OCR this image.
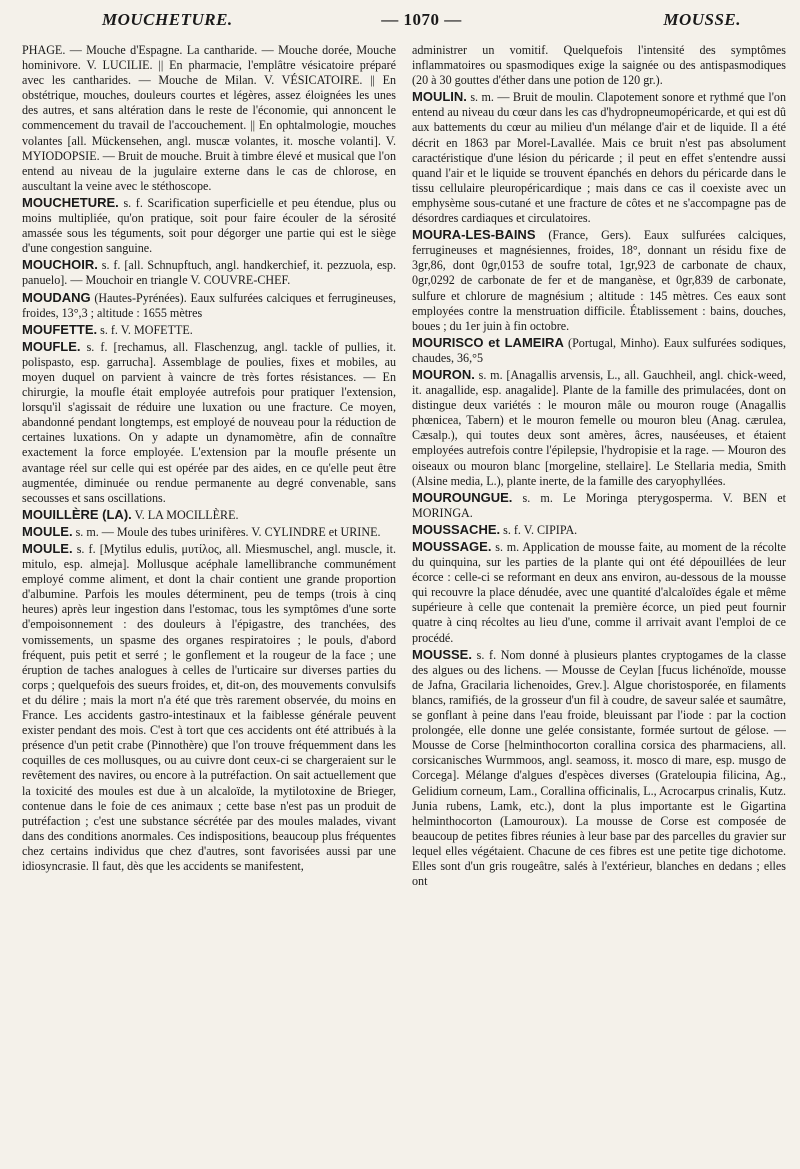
MOUCHETURE.	— 1070 —	MOUSSE.

PHAGE. — Mouche d'Espagne. La cantharide. — Mouche dorée, Mouche hominivore. V. LUCILIE. || En pharmacie, l'emplâtre vésicatoire préparé avec les cantharides. — Mouche de Milan. V. VÉSICATOIRE. || En obstétrique, mouches, douleurs courtes et légères, assez éloignées les unes des autres, et sans altération dans le reste de l'économie, qui annoncent le commencement du travail de l'accouchement. || En ophtalmologie, mouches volantes [all. Mückensehen, angl. muscæ volantes, it. mosche volanti]. V. MYIODOPSIE. — Bruit de mouche. Bruit à timbre élevé et musical que l'on entend au niveau de la jugulaire externe dans le cas de chlorose, en auscultant la veine avec le stéthoscope.

MOUCHETURE. s. f. Scarification superficielle et peu étendue, plus ou moins multipliée, qu'on pratique, soit pour faire écouler de la sérosité amassée sous les téguments, soit pour dégorger une partie qui est le siège d'une congestion sanguine.

MOUCHOIR. s. f. [all. Schnupftuch, angl. handkerchief, it. pezzuola, esp. panuelo]. — Mouchoir en triangle V. COUVRE-CHEF.

MOUDANG (Hautes-Pyrénées). Eaux sulfurées calciques et ferrugineuses, froides, 13°,3 ; altitude : 1655 mètres

MOUFETTE. s. f. V. MOFETTE.

MOUFLE. s. f. [rechamus, all. Flaschenzug, angl. tackle of pullies, it. polispasto, esp. garrucha]. Assemblage de poulies, fixes et mobiles, au moyen duquel on parvient à vaincre de très fortes résistances. — En chirurgie, la moufle était employée autrefois pour pratiquer l'extension, lorsqu'il s'agissait de réduire une luxation ou une fracture. Ce moyen, abandonné pendant longtemps, est employé de nouveau pour la réduction de certaines luxations. On y adapte un dynamomètre, afin de connaître exactement la force employée. L'extension par la moufle présente un avantage réel sur celle qui est opérée par des aides, en ce qu'elle peut être augmentée, diminuée ou rendue permanente au degré convenable, sans secousses et sans oscillations.

MOUILLÈRE (LA). V. LA MOCILLÈRE.

MOULE. s. m. — Moule des tubes urinifères. V. CYLINDRE et URINE.

MOULE. s. f. [Mytilus edulis, μυτίλος, all. Miesmuschel, angl. muscle, it. mitulo, esp. almeja]. Mollusque acéphale lamellibranche communément employé comme aliment, et dont la chair contient une grande proportion d'albumine. Parfois les moules déterminent, peu de temps (trois à cinq heures) après leur ingestion dans l'estomac, tous les symptômes d'une sorte d'empoisonnement : des douleurs à l'épigastre, des tranchées, des vomissements, un spasme des organes respiratoires ; le pouls, d'abord fréquent, puis petit et serré ; le gonflement et la rougeur de la face ; une éruption de taches analogues à celles de l'urticaire sur diverses parties du corps ; quelquefois des sueurs froides, et, dit-on, des mouvements convulsifs et du délire ; mais la mort n'a été que très rarement observée, du moins en France. Les accidents gastro-intestinaux et la faiblesse générale peuvent exister pendant des mois. C'est à tort que ces accidents ont été attribués à la présence d'un petit crabe (Pinnothère) que l'on trouve fréquemment dans les coquilles de ces mollusques, ou au cuivre dont ceux-ci se chargeraient sur le revêtement des navires, ou encore à la putréfaction. On sait actuellement que la toxicité des moules est due à un alcaloïde, la mytilotoxine de Brieger, contenue dans le foie de ces animaux ; cette base n'est pas un produit de putréfaction ; c'est une substance sécrétée par des moules malades, vivant dans des conditions anormales. Ces indispositions, beaucoup plus fréquentes chez certains individus que chez d'autres, sont favorisées aussi par une idiosyncrasie. Il faut, dès que les accidents se manifestent,

administrer un vomitif. Quelquefois l'intensité des symptômes inflammatoires ou spasmodiques exige la saignée ou des antispasmodiques (20 à 30 gouttes d'éther dans une potion de 120 gr.).

MOULIN. s. m. — Bruit de moulin. Clapotement sonore et rythmé que l'on entend au niveau du cœur dans les cas d'hydropneumopéricarde, et qui est dû aux battements du cœur au milieu d'un mélange d'air et de liquide. Il a été décrit en 1863 par Morel-Lavallée. Mais ce bruit n'est pas absolument caractéristique d'une lésion du péricarde ; il peut en effet s'entendre aussi quand l'air et le liquide se trouvent épanchés en dehors du péricarde dans le tissu cellulaire pleuropéricardique ; mais dans ce cas il coexiste avec un emphysème sous-cutané et une fracture de côtes et ne s'accompagne pas de désordres cardiaques et circulatoires.

MOURA-LES-BAINS (France, Gers). Eaux sulfurées calciques, ferrugineuses et magnésiennes, froides, 18°, donnant un résidu fixe de 3gr,86, dont 0gr,0153 de soufre total, 1gr,923 de carbonate de chaux, 0gr,0292 de carbonate de fer et de manganèse, et 0gr,839 de carbonate, sulfure et chlorure de magnésium ; altitude : 145 mètres. Ces eaux sont employées contre la menstruation difficile. Établissement : bains, douches, boues ; du 1er juin à fin octobre.

MOURISCO et LAMEIRA (Portugal, Minho). Eaux sulfurées sodiques, chaudes, 36,°5

MOURON. s. m. [Anagallis arvensis, L., all. Gauchheil, angl. chick-weed, it. anagallide, esp. anagalide]. Plante de la famille des primulacées, dont on distingue deux variétés : le mouron mâle ou mouron rouge (Anagallis phœnicea, Tabern) et le mouron femelle ou mouron bleu (Anag. cærulea, Cæsalp.), qui toutes deux sont amères, âcres, nauséeuses, et étaient employées autrefois contre l'épilepsie, l'hydropisie et la rage. — Mouron des oiseaux ou mouron blanc [morgeline, stellaire]. Le Stellaria media, Smith (Alsine media, L.), plante inerte, de la famille des caryophyllées.

MOUROUNGUE. s. m. Le Moringa pterygosperma. V. BEN et MORINGA.

MOUSSACHE. s. f. V. CIPIPA.

MOUSSAGE. s. m. Application de mousse faite, au moment de la récolte du quinquina, sur les parties de la plante qui ont été dépouillées de leur écorce : celle-ci se reformant en deux ans environ, au-dessous de la mousse qui recouvre la place dénudée, avec une quantité d'alcaloïdes égale et même supérieure à celle que contenait la première écorce, un pied peut fournir quatre à cinq récoltes au lieu d'une, comme il arrivait avant l'emploi de ce procédé.

MOUSSE. s. f. Nom donné à plusieurs plantes cryptogames de la classe des algues ou des lichens. — Mousse de Ceylan [fucus lichénoïde, mousse de Jafna, Gracilaria lichenoides, Grev.]. Algue choristosporée, en filaments blancs, ramifiés, de la grosseur d'un fil à coudre, de saveur salée et saumâtre, se gonflant à peine dans l'eau froide, bleuissant par l'iode : par la coction prolongée, elle donne une gelée consistante, formée surtout de gélose. — Mousse de Corse [helminthocorton corallina corsica des pharmaciens, all. corsicanisches Wurmmoos, angl. seamoss, it. mosco di mare, esp. musgo de Corcega]. Mélange d'algues d'espèces diverses (Grateloupia filicina, Ag., Gelidium corneum, Lam., Corallina officinalis, L., Acrocarpus crinalis, Kutz. Junia rubens, Lamk, etc.), dont la plus importante est le Gigartina helminthocorton (Lamouroux). La mousse de Corse est composée de beaucoup de petites fibres réunies à leur base par des parcelles du gravier sur lequel elles végétaient. Chacune de ces fibres est une petite tige dichotome. Elles sont d'un gris rougeâtre, salés à l'extérieur, blanches en dedans ; elles ont
